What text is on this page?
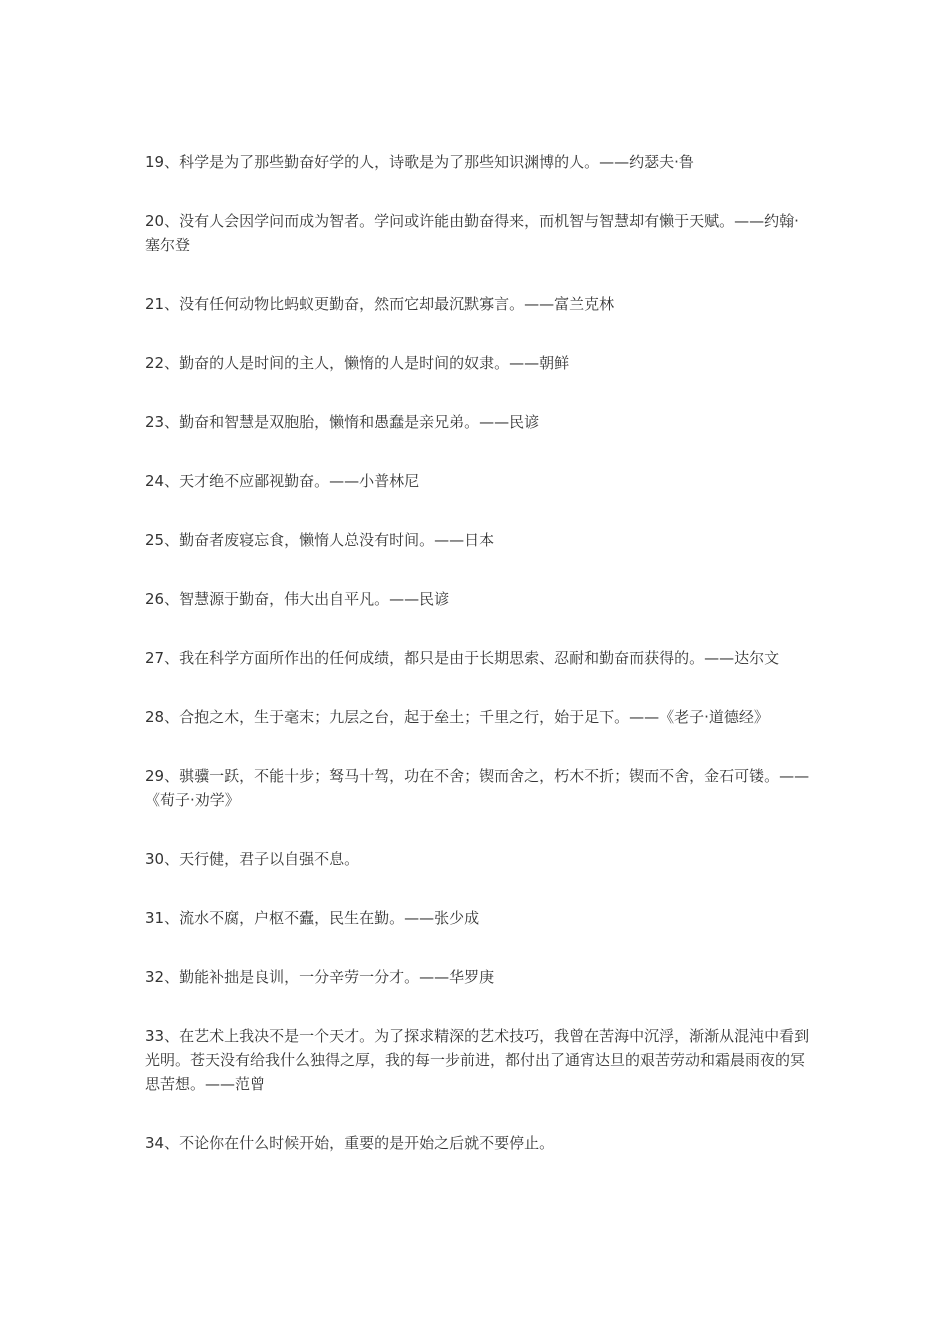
19、科学是为了那些勤奋好学的人，诗歌是为了那些知识渊博的人。——约瑟夫·鲁

20、没有人会因学问而成为智者。学问或许能由勤奋得来，而机智与智慧却有懒于天赋。——约翰·塞尔登

21、没有任何动物比蚂蚁更勤奋，然而它却最沉默寡言。——富兰克林

22、勤奋的人是时间的主人，懒惰的人是时间的奴隶。——朝鲜

23、勤奋和智慧是双胞胎，懒惰和愚蠢是亲兄弟。——民谚

24、天才绝不应鄙视勤奋。——小普林尼

25、勤奋者废寝忘食，懒惰人总没有时间。——日本

26、智慧源于勤奋，伟大出自平凡。——民谚

27、我在科学方面所作出的任何成绩，都只是由于长期思索、忍耐和勤奋而获得的。——达尔文

28、合抱之木，生于毫末；九层之台，起于垒土；千里之行，始于足下。——《老子·道德经》

29、骐骥一跃，不能十步；驽马十驾，功在不舍；锲而舍之，朽木不折；锲而不舍，金石可镂。——《荀子·劝学》

30、天行健，君子以自强不息。

31、流水不腐，户枢不蠹，民生在勤。——张少成

32、勤能补拙是良训，一分辛劳一分才。——华罗庚

33、在艺术上我决不是一个天才。为了探求精深的艺术技巧，我曾在苦海中沉浮，渐渐从混沌中看到光明。苍天没有给我什么独得之厚，我的每一步前进，都付出了通宵达旦的艰苦劳动和霜晨雨夜的冥思苦想。——范曾

34、不论你在什么时候开始，重要的是开始之后就不要停止。
